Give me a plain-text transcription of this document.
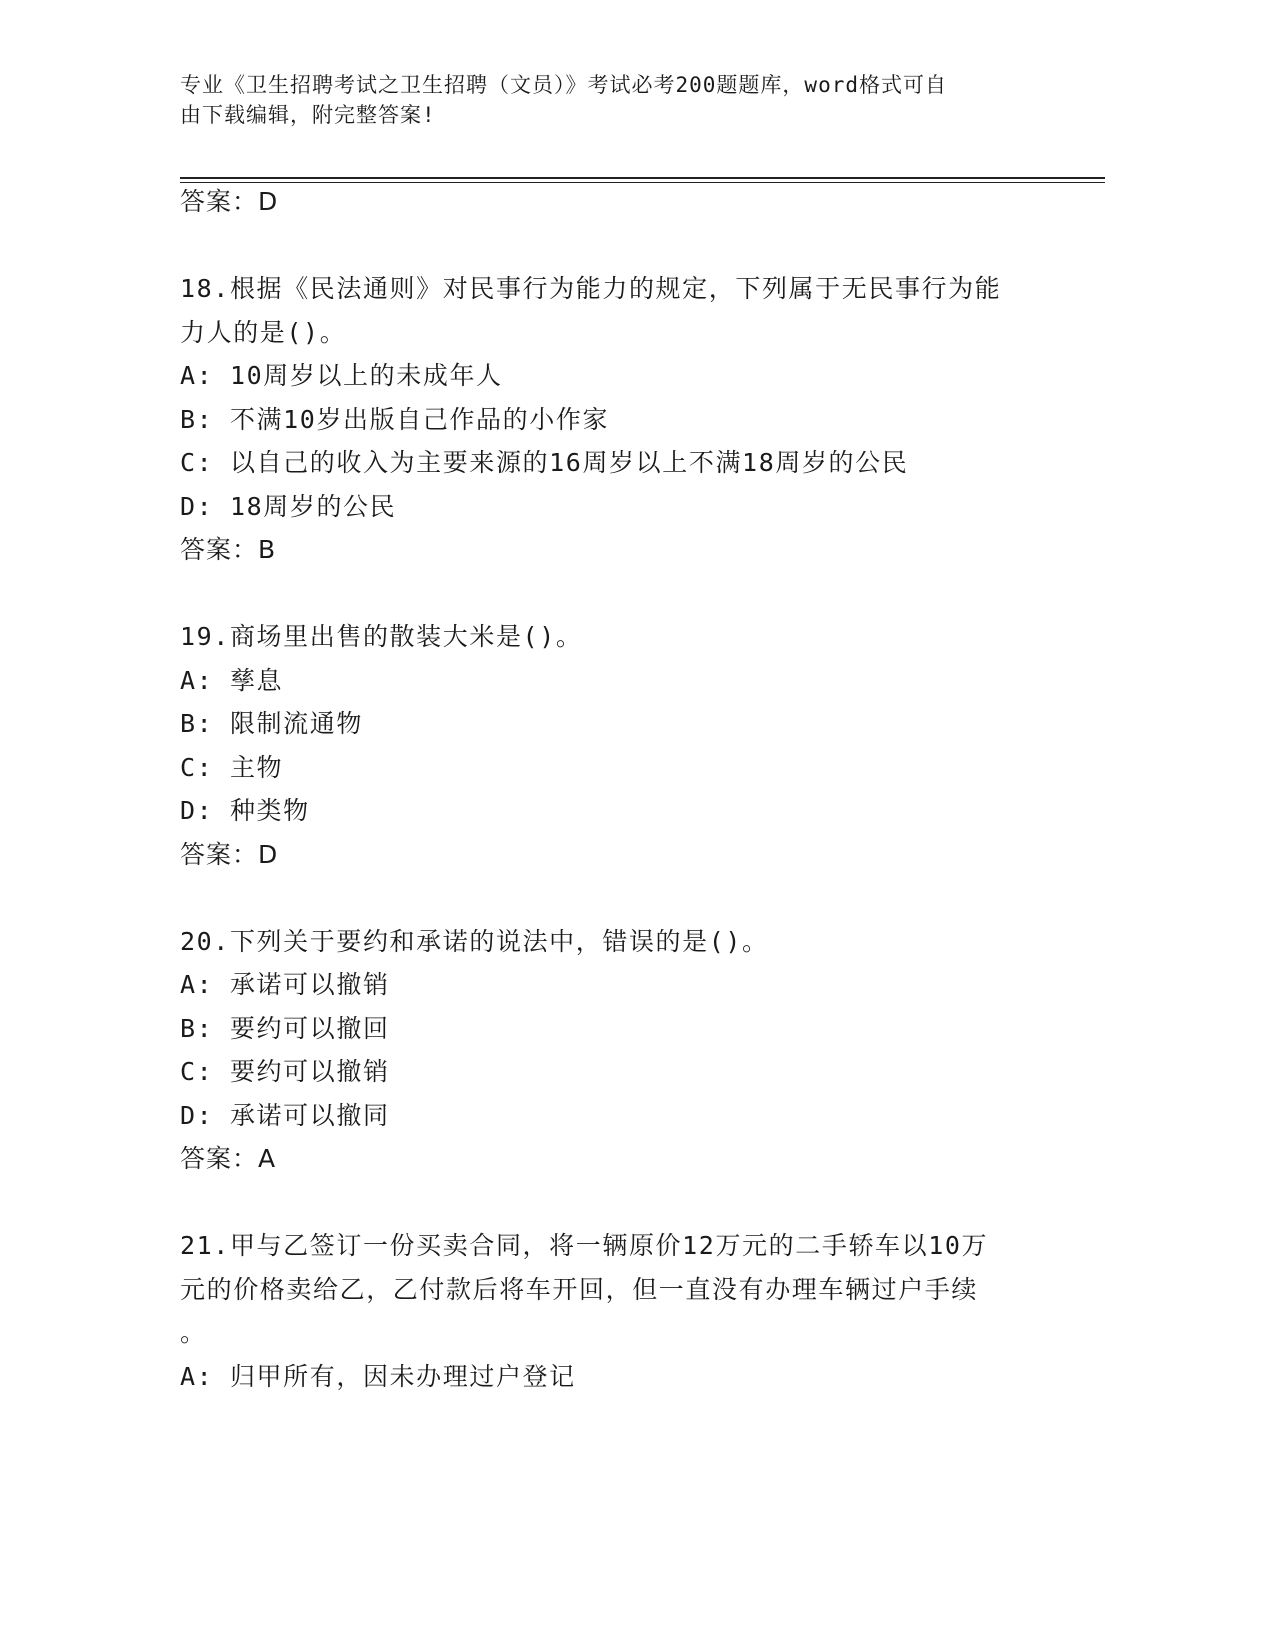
专业《卫生招聘考试之卫生招聘（文员）》考试必考200题题库，word格式可自
由下载编辑，附完整答案!
答案：D
18.根据《民法通则》对民事行为能力的规定，下列属于无民事行为能
力人的是()。
A: 10周岁以上的未成年人
B: 不满10岁出版自己作品的小作家
C: 以自己的收入为主要来源的16周岁以上不满18周岁的公民
D: 18周岁的公民
答案：B
19.商场里出售的散装大米是()。
A: 孳息
B: 限制流通物
C: 主物
D: 种类物
答案：D
20.下列关于要约和承诺的说法中，错误的是()。
A: 承诺可以撤销
B: 要约可以撤回
C: 要约可以撤销
D: 承诺可以撤同
答案：A
21.甲与乙签订一份买卖合同，将一辆原价12万元的二手轿车以10万
元的价格卖给乙，乙付款后将车开回，但一直没有办理车辆过户手续
。
A: 归甲所有，因未办理过户登记
